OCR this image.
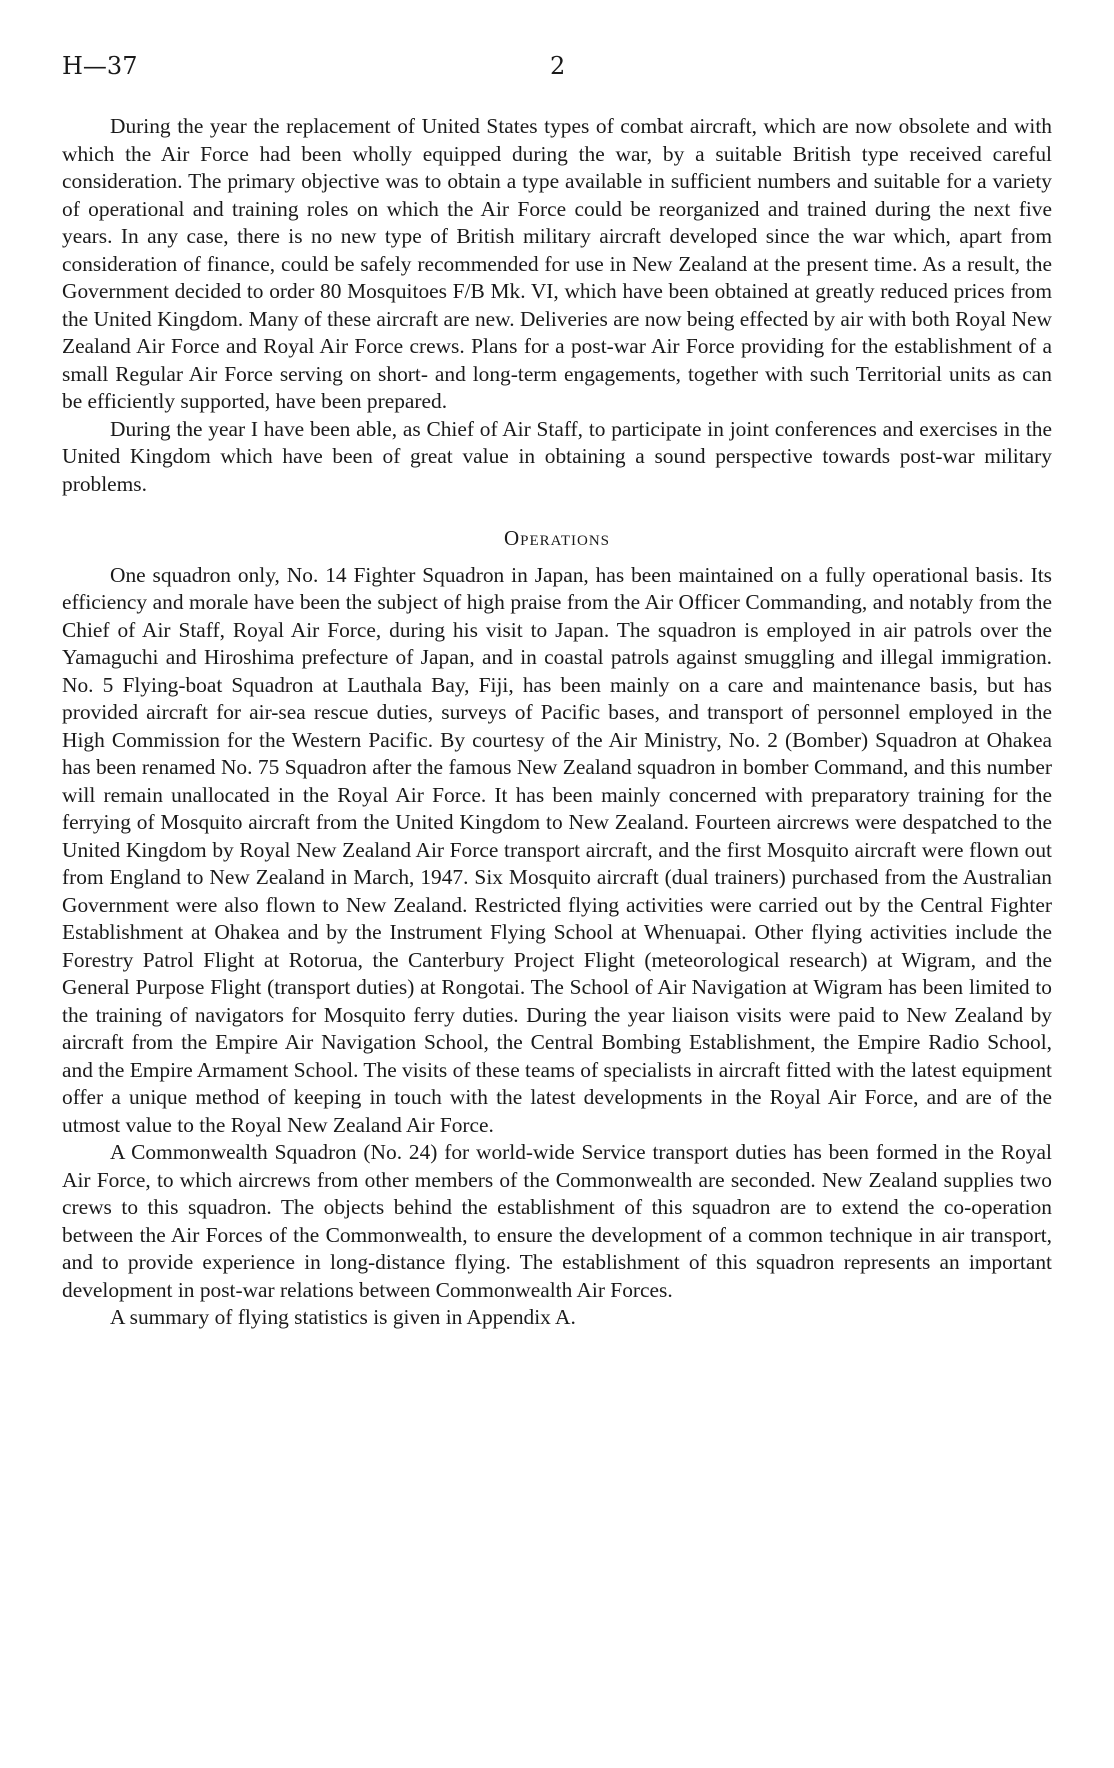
H—37	2

During the year the replacement of United States types of combat aircraft, which are now obsolete and with which the Air Force had been wholly equipped during the war, by a suitable British type received careful consideration. The primary objective was to obtain a type available in sufficient numbers and suitable for a variety of operational and training roles on which the Air Force could be reorganized and trained during the next five years. In any case, there is no new type of British military aircraft developed since the war which, apart from consideration of finance, could be safely recommended for use in New Zealand at the present time. As a result, the Government decided to order 80 Mosquitoes F/B Mk. VI, which have been obtained at greatly reduced prices from the United Kingdom. Many of these aircraft are new. Deliveries are now being effected by air with both Royal New Zealand Air Force and Royal Air Force crews. Plans for a post-war Air Force providing for the establishment of a small Regular Air Force serving on short- and long-term engagements, together with such Territorial units as can be efficiently supported, have been prepared.

During the year I have been able, as Chief of Air Staff, to participate in joint conferences and exercises in the United Kingdom which have been of great value in obtaining a sound perspective towards post-war military problems.

Operations

One squadron only, No. 14 Fighter Squadron in Japan, has been maintained on a fully operational basis. Its efficiency and morale have been the subject of high praise from the Air Officer Commanding, and notably from the Chief of Air Staff, Royal Air Force, during his visit to Japan. The squadron is employed in air patrols over the Yamaguchi and Hiroshima prefecture of Japan, and in coastal patrols against smuggling and illegal immigration. No. 5 Flying-boat Squadron at Lauthala Bay, Fiji, has been mainly on a care and maintenance basis, but has provided aircraft for air-sea rescue duties, surveys of Pacific bases, and transport of personnel employed in the High Commission for the Western Pacific. By courtesy of the Air Ministry, No. 2 (Bomber) Squadron at Ohakea has been renamed No. 75 Squadron after the famous New Zealand squadron in bomber Command, and this number will remain unallocated in the Royal Air Force. It has been mainly concerned with preparatory training for the ferrying of Mosquito aircraft from the United Kingdom to New Zealand. Fourteen aircrews were despatched to the United Kingdom by Royal New Zealand Air Force transport aircraft, and the first Mosquito aircraft were flown out from England to New Zealand in March, 1947. Six Mosquito aircraft (dual trainers) purchased from the Australian Government were also flown to New Zealand. Restricted flying activities were carried out by the Central Fighter Establishment at Ohakea and by the Instrument Flying School at Whenuapai. Other flying activities include the Forestry Patrol Flight at Rotorua, the Canterbury Project Flight (meteorological research) at Wigram, and the General Purpose Flight (transport duties) at Rongotai. The School of Air Navigation at Wigram has been limited to the training of navigators for Mosquito ferry duties. During the year liaison visits were paid to New Zealand by aircraft from the Empire Air Navigation School, the Central Bombing Establishment, the Empire Radio School, and the Empire Armament School. The visits of these teams of specialists in aircraft fitted with the latest equipment offer a unique method of keeping in touch with the latest developments in the Royal Air Force, and are of the utmost value to the Royal New Zealand Air Force.

A Commonwealth Squadron (No. 24) for world-wide Service transport duties has been formed in the Royal Air Force, to which aircrews from other members of the Commonwealth are seconded. New Zealand supplies two crews to this squadron. The objects behind the establishment of this squadron are to extend the co-operation between the Air Forces of the Commonwealth, to ensure the development of a common technique in air transport, and to provide experience in long-distance flying. The establishment of this squadron represents an important development in post-war relations between Commonwealth Air Forces.

A summary of flying statistics is given in Appendix A.
